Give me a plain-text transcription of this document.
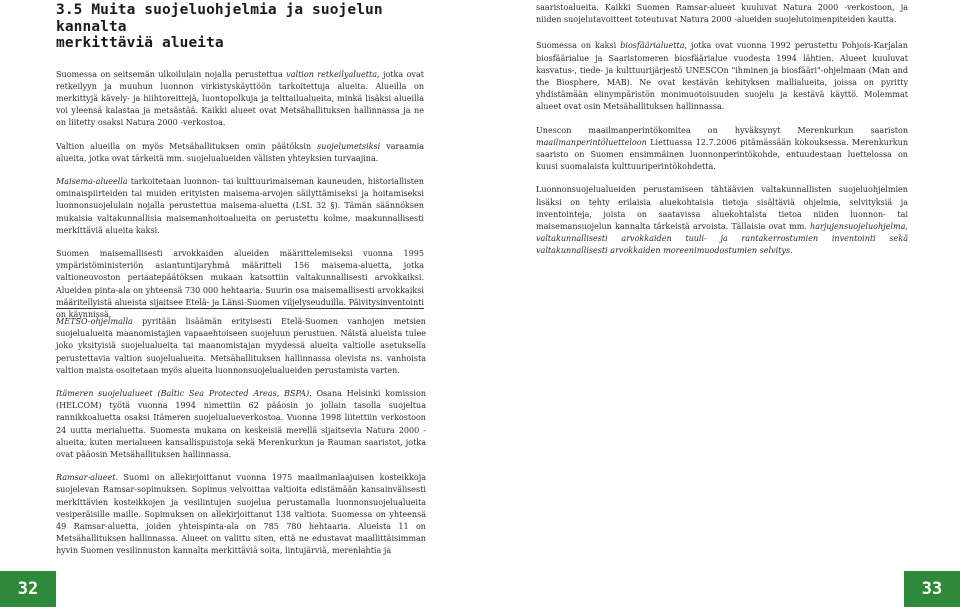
3.5 Muita suojeluohjelmia ja suojelun kannalta
merkittäviä alueita

Suomessa on seitsemän ulkoilulain nojalla perustettua valtion retkeilyaluetta, jotka ovat retkeilyyn ja muuhun luonnon virkistyskäyttöön tarkoitettuja alueita. Alueilla on merkittyjä kävely- ja hiihtoreittejä, luontopolkuja ja telttailualueita, minkä lisäksi alueilla voi yleensä kalastaa ja metsästää. Kaikki alueet ovat Metsähallituksen hallinnassa ja ne on liitetty osaksi Natura 2000 -verkostoa.

Valtion alueilla on myös Metsähallituksen omin päätöksin suojelumetsiksi varaamia alueita, jotka ovat tärkeitä mm. suojelualueiden välisten yhteyksien turvaajina.

Maisema-alueella tarkoitetaan luonnon- tai kulttuurimaiseman kauneuden, historiallisten ominaispiirteiden tai muiden erityisten maisema-arvojen säilyttämiseksi ja hoitamiseksi luonnonsuojelulain nojalla perustettua maisema-aluetta (LSL 32 §). Tämän säännöksen mukaisia valtakunnallisia maisemanhoitoalueita on perustettu kolme, maakunnallisesti merkittäviä alueita kaksi.

Suomen maisemallisesti arvokkaiden alueiden määrittelemiseksi vuonna 1995 ympäristöministeriön asiantuntijaryhmä määritteli 156 maisema-aluetta, jotka valtioneuvoston periaatepäätöksen mukaan katsottiin valtakunnallisesti arvokkaiksi. Alueiden pinta-ala on yhteensä 730 000 hehtaaria. Suurin osa maisemallisesti arvokkaiksi määritellyistä alueista sijaitsee Etelä- ja Länsi-Suomen viljelyseuduilla. Päivitysinventointi on käynnissä.

METSO-ohjelmalla pyritään lisäämän erityisesti Etelä-Suomen vanhojen metsien suojelualueita maanomistajien vapaaehtoiseen suojeluun perustuen. Näistä alueista tulee joko yksityisiä suojelualueita tai maanomistajan myydessä alueita valtiolle asetuksella perustettavia valtion suojelualueita. Metsähallituksen hallinnassa olevista ns. vanhoista valtion maista osoitetaan myös alueita luonnonsuojelualueiden perustamista varten.

Itämeren suojelualueet (Baltic Sea Protected Areas, BSPA). Osana Helsinki komission (HELCOM) työtä vuonna 1994 nimettiin 62 pääosin jo jollain tasolla suojeltua rannikkoaluetta osaksi Itämeren suojelualueverkostoa. Vuonna 1998 liitettiin verkostoon 24 uutta merialuetta. Suomesta mukana on keskeisiä merellä sijaitsevia Natura 2000 -alueita, kuten merialueen kansallispuistoja sekä Merenkurkun ja Rauman saaristot, jotka ovat pääosin Metsähallituksen hallinnassa.

Ramsar-alueet. Suomi on allekirjoittanut vuonna 1975 maailmanlaajuisen kosteikkoja suojelevan Ramsar-sopimuksen. Sopimus velvoittaa valtioita edistämään kansainvälisesti merkittävien kosteikkojen ja vesilintujen suojelua perustamalla luonnonsuojelualueita vesiperäisille maille. Sopimuksen on allekirjoittanut 138 valtiota. Suomessa on yhteensä 49 Ramsar-aluetta, joiden yhteispinta-ala on 785 780 hehtaaria. Alueista 11 on Metsähallituksen hallinnassa. Alueet on valittu siten, että ne edustavat maallittäisimman hyvin Suomen vesilinnuston kannalta merkittäviä soita, lintujärviä, merenlahtia ja

32

saaristoalueita. Kaikki Suomen Ramsar-alueet kuuluvat Natura 2000 -verkostoon, ja niiden suojelutavoitteet toteutuvat Natura 2000 -alueiden suojelutoimenpiteiden kautta.

Suomessa on kaksi biosfäärialuetta, jotka ovat vuonna 1992 perustettu Pohjois-Karjalan biosfäärialue ja Saaristomeren biosfäärialue vuodesta 1994 lähtien. Alueet kuuluvat kasvatus-, tiede- ja kulttuurijärjestö UNESCOn "ihminen ja biosfääri"-ohjelmaan (Man and the Biosphere, MAB). Ne ovat kestävän kehityksen mallialueita, joissa on pyritty yhdistämään elinympäristön monimuotoisuuden suojelu ja kestävä käyttö. Molemmat alueet ovat osin Metsähallituksen hallinnassa.

Unescon maailmanperintökomitea on hyväksynyt Merenkurkun saariston maailmanperintöluetteloon Liettuassa 12.7.2006 pitämässään kokouksessa. Merenkurkun saaristo on Suomen ensimmäinen luonnonperintökohde, entuudestaan luettelossa on kuusi suomalaista kulttuuriperintökohdetta.

Luonnonsuojelualueiden perustamiseen tähtäävien valtakunnallisten suojeluohjelmien lisäksi on tehty erilaisia aluekohtaisia tietoja sisältäviä ohjelmia, selvityksiä ja inventointeja, joista on saatavissa aluekohtaista tietoa niiden luonnon- tai maisemansuojelun kannalta tärkeistä arvoista. Tällaisia ovat mm. harjujensuojeluohjelma, valtakunnallisesti arvokkaiden tuuli- ja rantakerrostumien inventointi sekä valtakunnallisesti arvokkaiden moreenimuodostumien selvitys.

33
